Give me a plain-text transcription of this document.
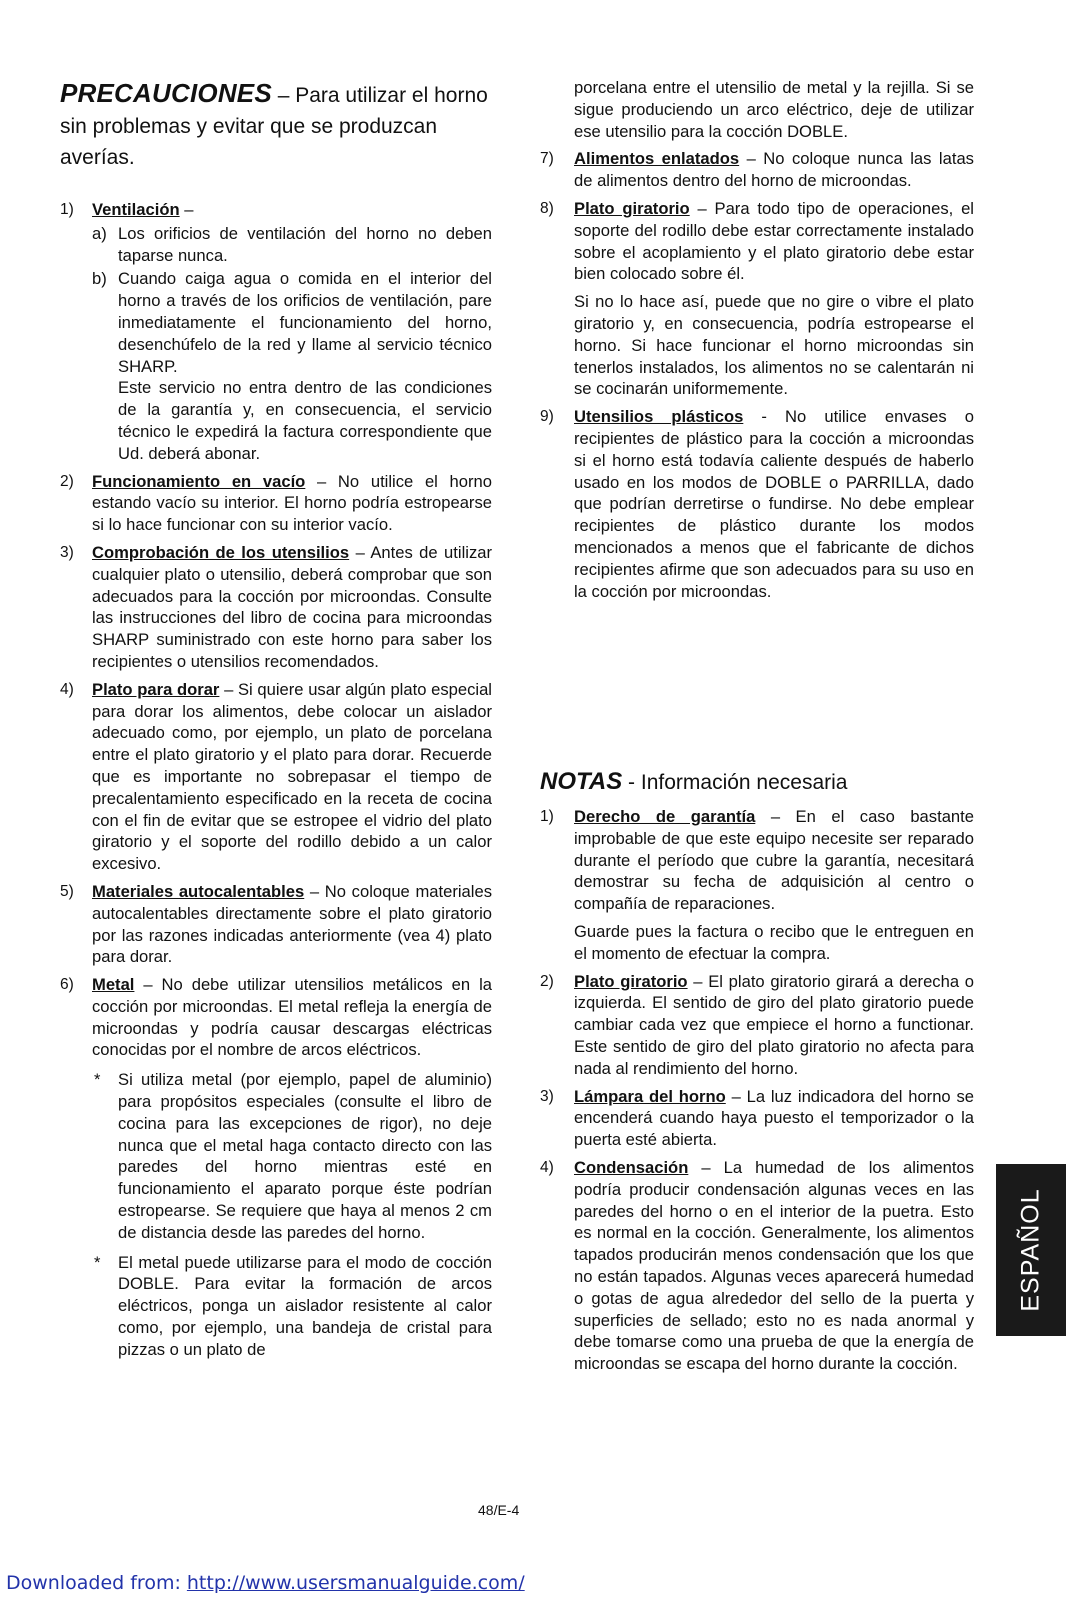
PRECAUCIONES – Para utilizar el horno sin problemas y evitar que se produzcan averías.
1)	Ventilación –
a) Los orificios de ventilación del horno no deben taparse nunca.
b) Cuando caiga agua o comida en el interior del horno a través de los orificios de ventilación, pare inmediatamente el funcionamiento del horno, desenchúfelo de la red y llame al servicio técnico SHARP.
Este servicio no entra dentro de las condiciones de la garantía y, en consecuencia, el servicio técnico le expedirá la factura correspondiente que Ud. deberá abonar.
2)	Funcionamiento en vacío – No utilice el horno estando vacío su interior. El horno podría estropearse si lo hace funcionar con su interior vacío.
3)	Comprobación de los utensilios – Antes de utilizar cualquier plato o utensilio, deberá comprobar que son adecuados para la cocción por microondas. Consulte las instrucciones del libro de cocina para microondas SHARP suministrado con este horno para saber los recipientes o utensilios recomendados.
4)	Plato para dorar – Si quiere usar algún plato especial para dorar los alimentos, debe colocar un aislador adecuado como, por ejemplo, un plato de porcelana entre el plato giratorio y el plato para dorar. Recuerde que es importante no sobrepasar el tiempo de precalentamiento especificado en la receta de cocina con el fin de evitar que se estropee el vidrio del plato giratorio y el soporte del rodillo debido a un calor excesivo.
5)	Materiales autocalentables – No coloque materiales autocalentables directamente sobre el plato giratorio por las razones indicadas anteriormente (vea 4) plato para dorar.
6)	Metal – No debe utilizar utensilios metálicos en la cocción por microondas. El metal refleja la energía de microondas y podría causar descargas eléctricas conocidas por el nombre de arcos eléctricos.
* Si utiliza metal (por ejemplo, papel de aluminio) para propósitos especiales (consulte el libro de cocina para las excepciones de rigor), no deje nunca que el metal haga contacto directo con las paredes del horno mientras esté en funcionamiento el aparato porque éste podrían estropearse. Se requiere que haya al menos 2 cm de distancia desde las paredes del horno.
* El metal puede utilizarse para el modo de cocción DOBLE. Para evitar la formación de arcos eléctricos, ponga un aislador resistente al calor como, por ejemplo, una bandeja de cristal para pizzas o un plato de
porcelana entre el utensilio de metal y la rejilla. Si se sigue produciendo un arco eléctrico, deje de utilizar ese utensilio para la cocción DOBLE.
7)	Alimentos enlatados – No coloque nunca las latas de alimentos dentro del horno de microondas.
8)	Plato giratorio – Para todo tipo de operaciones, el soporte del rodillo debe estar correctamente instalado sobre el acoplamiento y el plato giratorio debe estar bien colocado sobre él.
Si no lo hace así, puede que no gire o vibre el plato giratorio y, en consecuencia, podría estropearse el horno. Si hace funcionar el horno microondas sin tenerlos instalados, los alimentos no se calentarán ni se cocinarán uniformemente.
9)	Utensilios plásticos - No utilice envases o recipientes de plástico para la cocción a microondas si el horno está todavía caliente después de haberlo usado en los modos de DOBLE o PARRILLA, dado que podrían derretirse o fundirse. No debe emplear recipientes de plástico durante los modos mencionados a menos que el fabricante de dichos recipientes afirme que son adecuados para su uso en la cocción por microondas.
NOTAS - Información necesaria
1)	Derecho de garantía – En el caso bastante improbable de que este equipo necesite ser reparado durante el período que cubre la garantía, necesitará demostrar su fecha de adquisición al centro o compañía de reparaciones.
Guarde pues la factura o recibo que le entreguen en el momento de efectuar la compra.
2)	Plato giratorio – El plato giratorio girará a derecha o izquierda. El sentido de giro del plato giratorio puede cambiar cada vez que empiece el horno a functionar. Este sentido de giro del plato giratorio no afecta para nada al rendimiento del horno.
3)	Lámpara del horno – La luz indicadora del horno se encenderá cuando haya puesto el temporizador o la puerta esté abierta.
4)	Condensación – La humedad de los alimentos podría producir condensación algunas veces en las paredes del horno o en el interior de la puetra. Esto es normal en la cocción. Generalmente, los alimentos tapados producirán menos condensación que los que no están tapados. Algunas veces aparecerá humedad o gotas de agua alrededor del sello de la puerta y superficies de sellado; esto no es nada anormal y debe tomarse como una prueba de que la energía de microondas se escapa del horno durante la cocción.
ESPAÑOL
48/E-4
Downloaded from: http://www.usersmanualguide.com/
